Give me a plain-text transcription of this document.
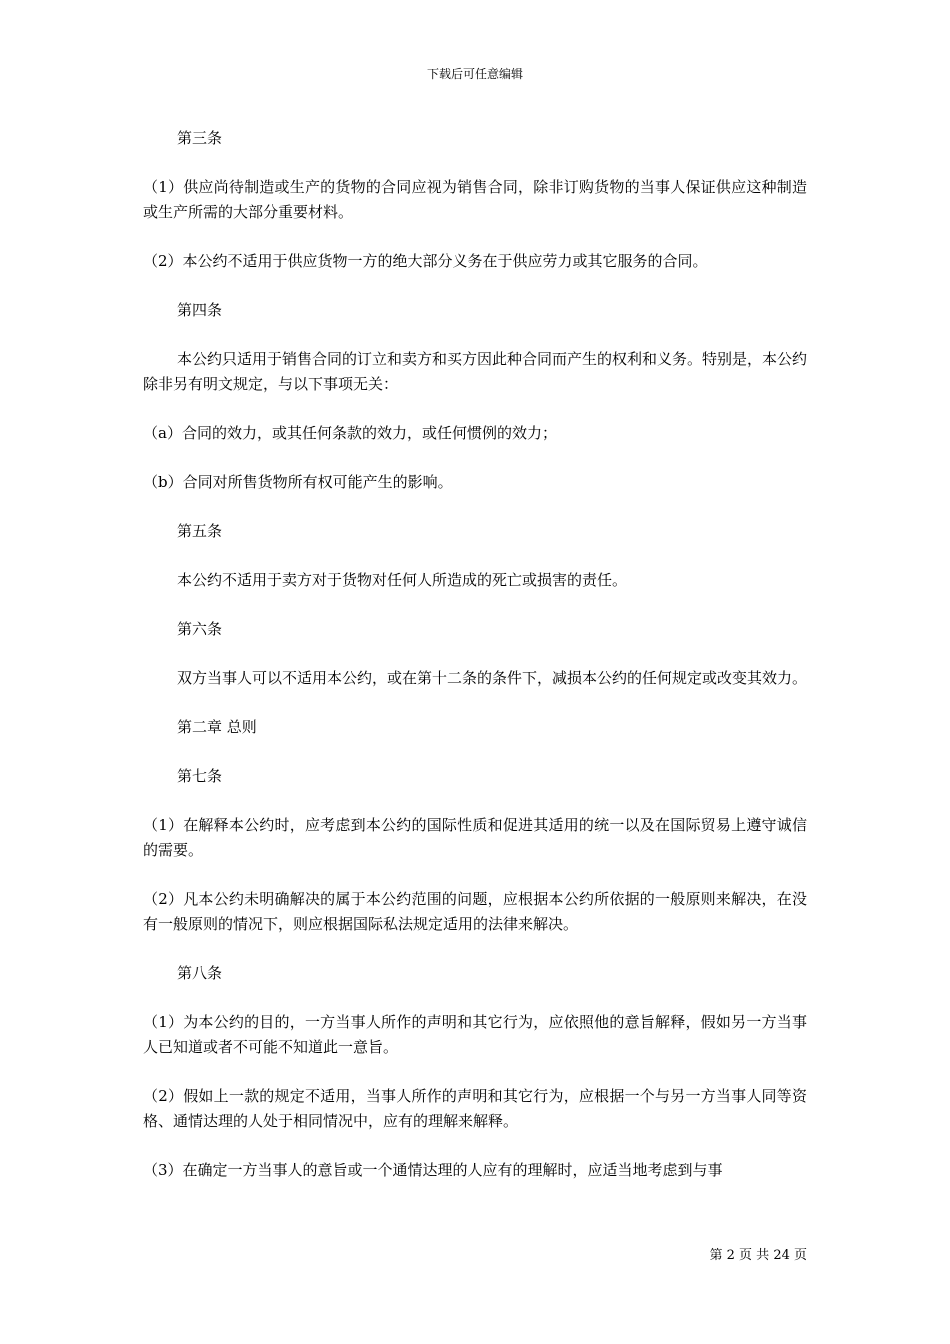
下载后可任意编辑

第三条

（1）供应尚待制造或生产的货物的合同应视为销售合同，除非订购货物的当事人保证供应这种制造或生产所需的大部分重要材料。

（2）本公约不适用于供应货物一方的绝大部分义务在于供应劳力或其它服务的合同。

第四条

本公约只适用于销售合同的订立和卖方和买方因此种合同而产生的权利和义务。特别是，本公约除非另有明文规定，与以下事项无关：

（a）合同的效力，或其任何条款的效力，或任何惯例的效力；

（b）合同对所售货物所有权可能产生的影响。

第五条

本公约不适用于卖方对于货物对任何人所造成的死亡或损害的责任。

第六条

双方当事人可以不适用本公约，或在第十二条的条件下，减损本公约的任何规定或改变其效力。

第二章 总则

第七条

（1）在解释本公约时，应考虑到本公约的国际性质和促进其适用的统一以及在国际贸易上遵守诚信的需要。

（2）凡本公约未明确解决的属于本公约范围的问题，应根据本公约所依据的一般原则来解决，在没有一般原则的情况下，则应根据国际私法规定适用的法律来解决。

第八条

（1）为本公约的目的，一方当事人所作的声明和其它行为，应依照他的意旨解释，假如另一方当事人已知道或者不可能不知道此一意旨。

（2）假如上一款的规定不适用，当事人所作的声明和其它行为，应根据一个与另一方当事人同等资格、通情达理的人处于相同情况中，应有的理解来解释。

（3）在确定一方当事人的意旨或一个通情达理的人应有的理解时，应适当地考虑到与事

第 2 页 共 24 页
